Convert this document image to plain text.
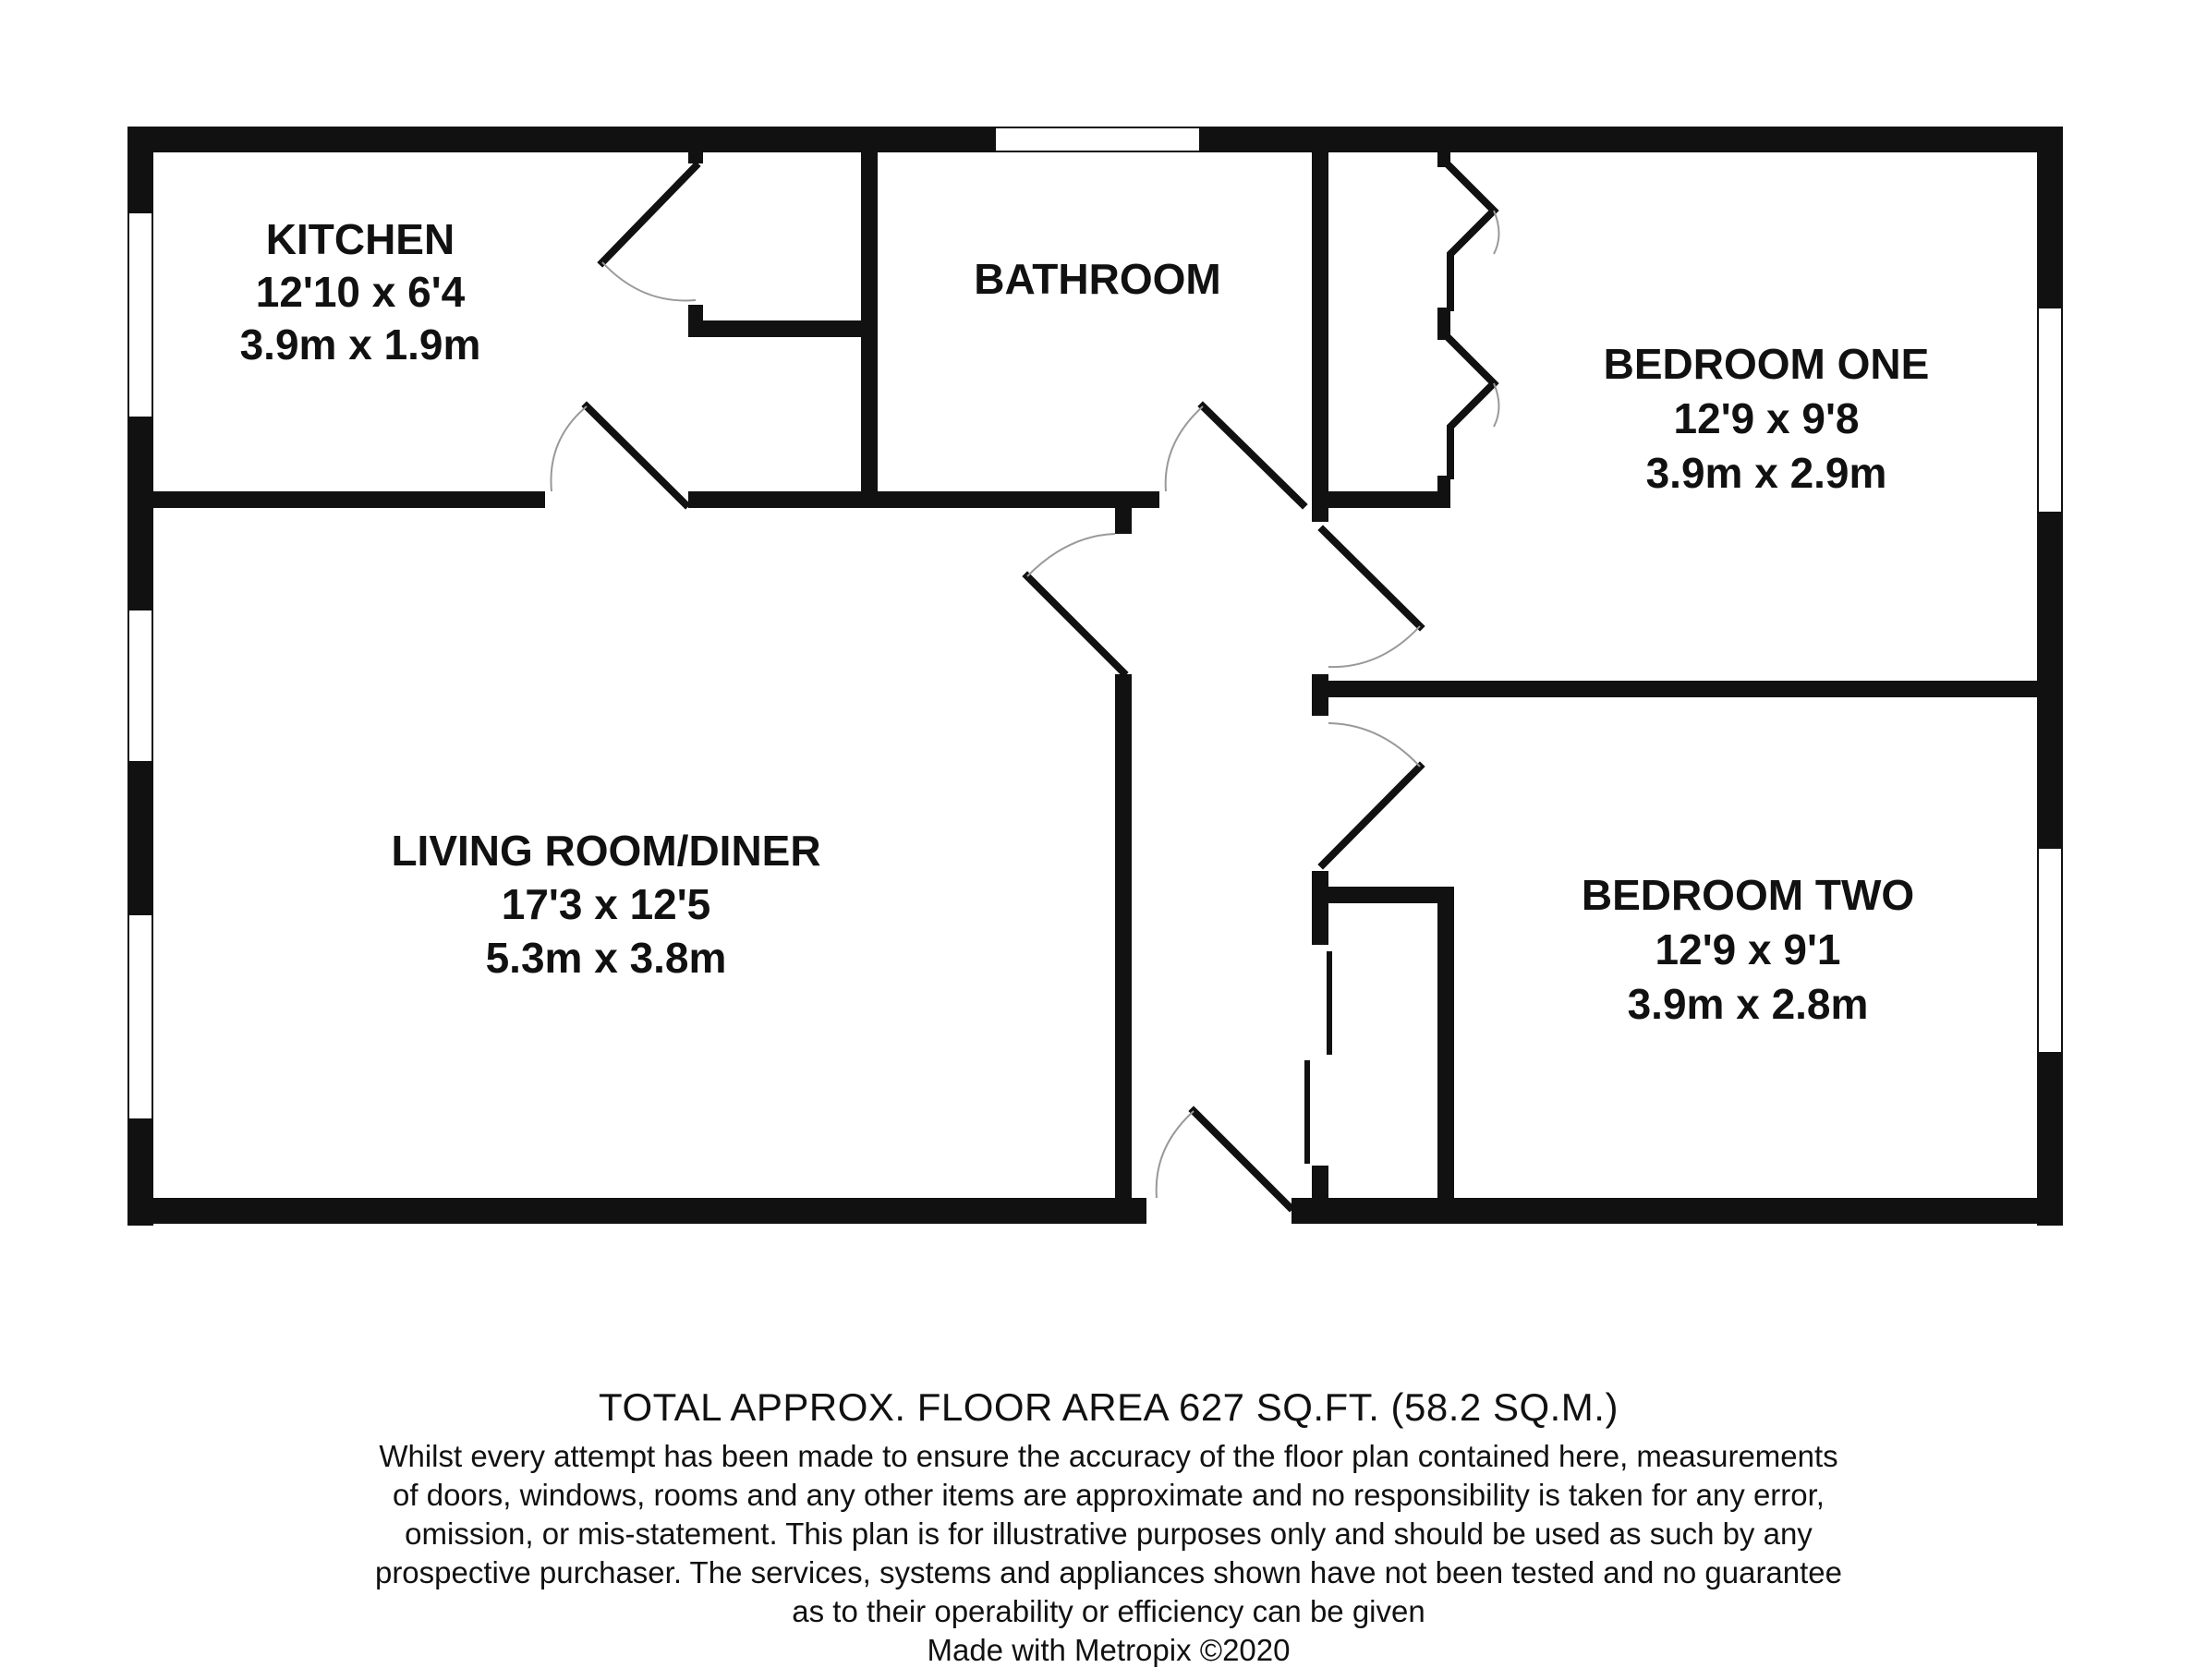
KITCHEN
12'10 x 6'4
3.9m x 1.9m
BATHROOM
BEDROOM ONE
12'9 x 9'8
3.9m x 2.9m
LIVING ROOM/DINER
17'3 x 12'5
5.3m x 3.8m
BEDROOM TWO
12'9 x 9'1
3.9m x 2.8m
TOTAL APPROX. FLOOR AREA 627 SQ.FT. (58.2 SQ.M.)
Whilst every attempt has been made to ensure the accuracy of the floor plan contained here, measurements
of doors, windows, rooms and any other items are approximate and no responsibility is taken for any error,
omission, or mis-statement. This plan is for illustrative purposes only and should be used as such by any
prospective purchaser. The services, systems and appliances shown have not been tested and no guarantee
as to their operability or efficiency can be given
Made with Metropix ©2020
